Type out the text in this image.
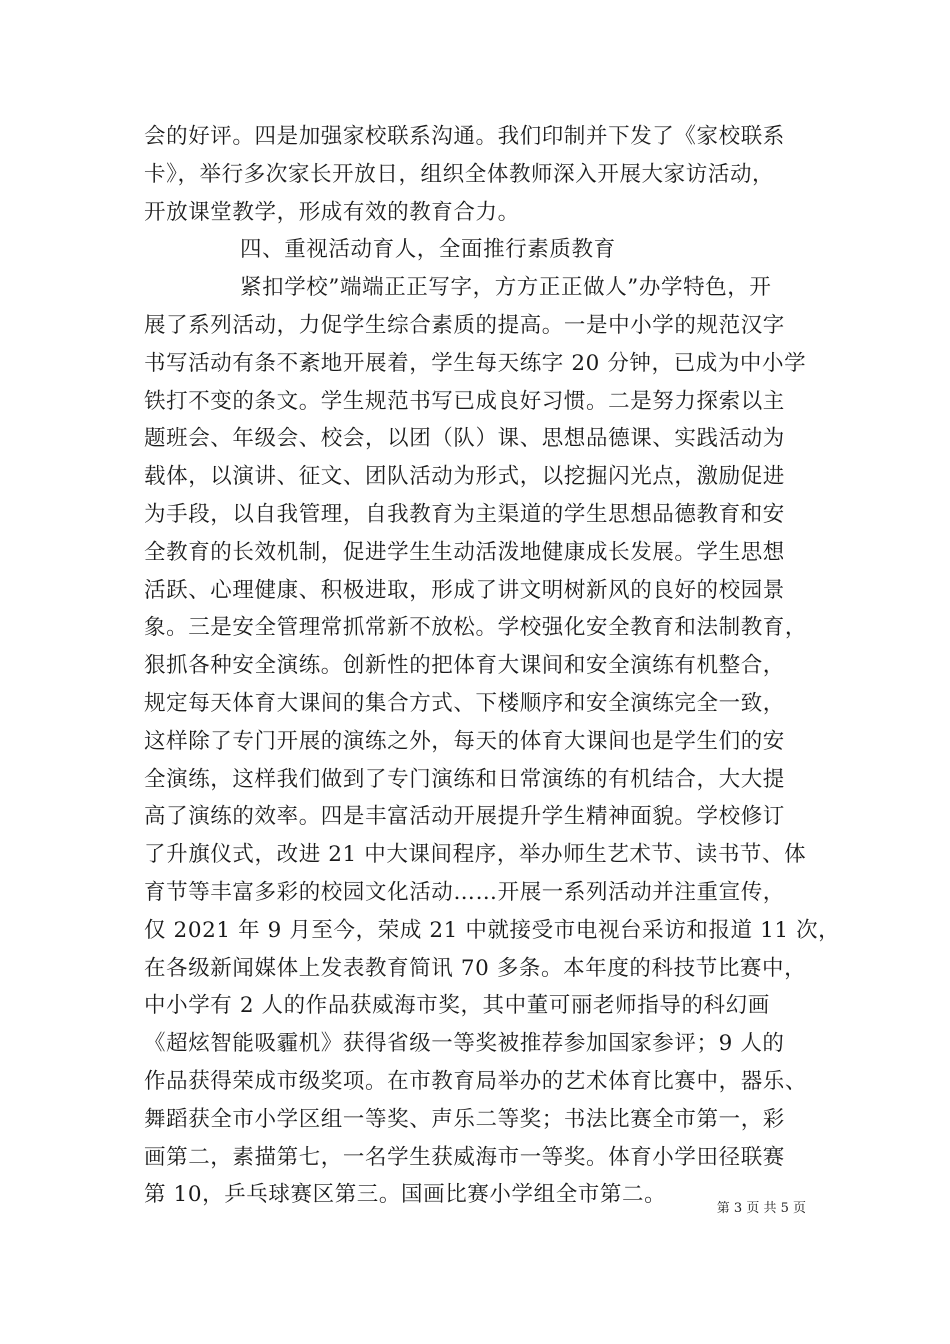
会的好评。四是加强家校联系沟通。我们印制并下发了《家校联系
卡》，举行多次家长开放日，组织全体教师深入开展大家访活动，
开放课堂教学，形成有效的教育合力。
四、重视活动育人，全面推行素质教育
紧扣学校”端端正正写字，方方正正做人”办学特色，开
展了系列活动，力促学生综合素质的提高。一是中小学的规范汉字
书写活动有条不紊地开展着，学生每天练字 20 分钟，已成为中小学
铁打不变的条文。学生规范书写已成良好习惯。二是努力探索以主
题班会、年级会、校会，以团（队）课、思想品德课、实践活动为
载体，以演讲、征文、团队活动为形式，以挖掘闪光点，激励促进
为手段，以自我管理，自我教育为主渠道的学生思想品德教育和安
全教育的长效机制，促进学生生动活泼地健康成长发展。学生思想
活跃、心理健康、积极进取，形成了讲文明树新风的良好的校园景
象。三是安全管理常抓常新不放松。学校强化安全教育和法制教育，
狠抓各种安全演练。创新性的把体育大课间和安全演练有机整合，
规定每天体育大课间的集合方式、下楼顺序和安全演练完全一致，
这样除了专门开展的演练之外，每天的体育大课间也是学生们的安
全演练，这样我们做到了专门演练和日常演练的有机结合，大大提
高了演练的效率。四是丰富活动开展提升学生精神面貌。学校修订
了升旗仪式，改进 21 中大课间程序，举办师生艺术节、读书节、体
育节等丰富多彩的校园文化活动……开展一系列活动并注重宣传，
仅 2021 年 9 月至今，荣成 21 中就接受市电视台采访和报道 11 次，
在各级新闻媒体上发表教育简讯 70 多条。本年度的科技节比赛中，
中小学有 2 人的作品获威海市奖，其中董可丽老师指导的科幻画
《超炫智能吸霾机》获得省级一等奖被推荐参加国家参评；9 人的
作品获得荣成市级奖项。在市教育局举办的艺术体育比赛中，器乐、
舞蹈获全市小学区组一等奖、声乐二等奖；书法比赛全市第一，彩
画第二，素描第七，一名学生获威海市一等奖。体育小学田径联赛
第 10，乒乓球赛区第三。国画比赛小学组全市第二。
第 3 页 共 5 页
